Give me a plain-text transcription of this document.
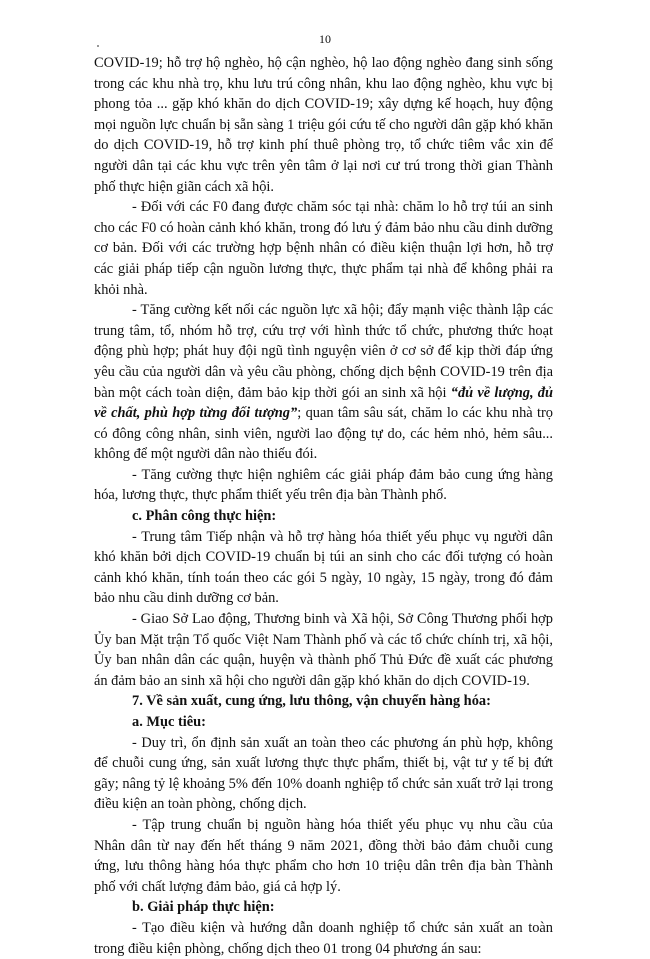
10

COVID-19; hỗ trợ hộ nghèo, hộ cận nghèo, hộ lao động nghèo đang sinh sống trong các khu nhà trọ, khu lưu trú công nhân, khu lao động nghèo, khu vực bị phong tỏa ... gặp khó khăn do dịch COVID-19; xây dựng kế hoạch, huy động mọi nguồn lực chuẩn bị sẵn sàng 1 triệu gói cứu tế cho người dân gặp khó khăn do dịch COVID-19, hỗ trợ kinh phí thuê phòng trọ, tổ chức tiêm vắc xin để người dân tại các khu vực trên yên tâm ở lại nơi cư trú trong thời gian Thành phố thực hiện giãn cách xã hội.

- Đối với các F0 đang được chăm sóc tại nhà: chăm lo hỗ trợ túi an sinh cho các F0 có hoàn cảnh khó khăn, trong đó lưu ý đảm bảo nhu cầu dinh dưỡng cơ bản. Đối với các trường hợp bệnh nhân có điều kiện thuận lợi hơn, hỗ trợ các giải pháp tiếp cận nguồn lương thực, thực phẩm tại nhà để không phải ra khỏi nhà.

- Tăng cường kết nối các nguồn lực xã hội; đẩy mạnh việc thành lập các trung tâm, tổ, nhóm hỗ trợ, cứu trợ với hình thức tổ chức, phương thức hoạt động phù hợp; phát huy đội ngũ tình nguyện viên ở cơ sở để kịp thời đáp ứng yêu cầu của người dân và yêu cầu phòng, chống dịch bệnh COVID-19 trên địa bàn một cách toàn diện, đảm bảo kịp thời gói an sinh xã hội “đủ về lượng, đủ về chất, phù hợp từng đối tượng”; quan tâm sâu sát, chăm lo các khu nhà trọ có đông công nhân, sinh viên, người lao động tự do, các hẻm nhỏ, hẻm sâu... không để một người dân nào thiếu đói.

- Tăng cường thực hiện nghiêm các giải pháp đảm bảo cung ứng hàng hóa, lương thực, thực phẩm thiết yếu trên địa bàn Thành phố.

c. Phân công thực hiện:

- Trung tâm Tiếp nhận và hỗ trợ hàng hóa thiết yếu phục vụ người dân khó khăn bởi dịch COVID-19 chuẩn bị túi an sinh cho các đối tượng có hoàn cảnh khó khăn, tính toán theo các gói 5 ngày, 10 ngày, 15 ngày, trong đó đảm bảo nhu cầu dinh dưỡng cơ bản.

- Giao Sở Lao động, Thương binh và Xã hội, Sở Công Thương phối hợp Ủy ban Mặt trận Tổ quốc Việt Nam Thành phố và các tổ chức chính trị, xã hội, Ủy ban nhân dân các quận, huyện và thành phố Thủ Đức đề xuất các phương án đảm bảo an sinh xã hội cho người dân gặp khó khăn do dịch COVID-19.

7. Về sản xuất, cung ứng, lưu thông, vận chuyển hàng hóa:

a. Mục tiêu:

- Duy trì, ổn định sản xuất an toàn theo các phương án phù hợp, không để chuỗi cung ứng, sản xuất lương thực thực phẩm, thiết bị, vật tư y tế bị đứt gãy; nâng tỷ lệ khoảng 5% đến 10% doanh nghiệp tổ chức sản xuất trở lại trong điều kiện an toàn phòng, chống dịch.

- Tập trung chuẩn bị nguồn hàng hóa thiết yếu phục vụ nhu cầu của Nhân dân từ nay đến hết tháng 9 năm 2021, đồng thời bảo đảm chuỗi cung ứng, lưu thông hàng hóa thực phẩm cho hơn 10 triệu dân trên địa bàn Thành phố với chất lượng đảm bảo, giá cả hợp lý.

b. Giải pháp thực hiện:

- Tạo điều kiện và hướng dẫn doanh nghiệp tổ chức sản xuất an toàn trong điều kiện phòng, chống dịch theo 01 trong 04 phương án sau:
